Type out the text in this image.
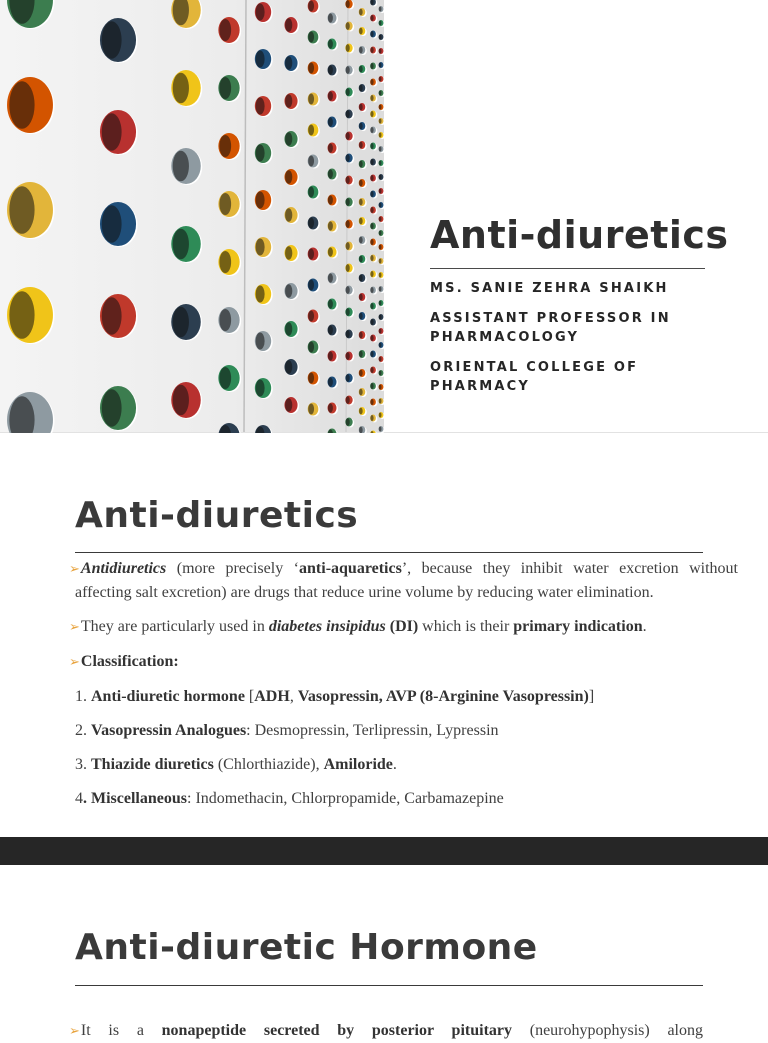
Anti-diuretics

MS. SANIE ZEHRA SHAIKH

ASSISTANT PROFESSOR IN PHARMACOLOGY

ORIENTAL COLLEGE OF PHARMACY

Anti-diuretics

➢Antidiuretics (more precisely ‘anti-aquaretics’, because they inhibit water excretion without affecting salt excretion) are drugs that reduce urine volume by reducing water elimination.

➢They are particularly used in diabetes insipidus (DI) which is their primary indication.

➢Classification:

1. Anti-diuretic hormone [ADH, Vasopressin, AVP (8-Arginine Vasopressin)]

2. Vasopressin Analogues: Desmopressin, Terlipressin, Lypressin

3. Thiazide diuretics (Chlorthiazide), Amiloride.

4. Miscellaneous: Indomethacin, Chlorpropamide, Carbamazepine

Anti-diuretic Hormone

➢It is a nonapeptide secreted by posterior pituitary (neurohypophysis) along
